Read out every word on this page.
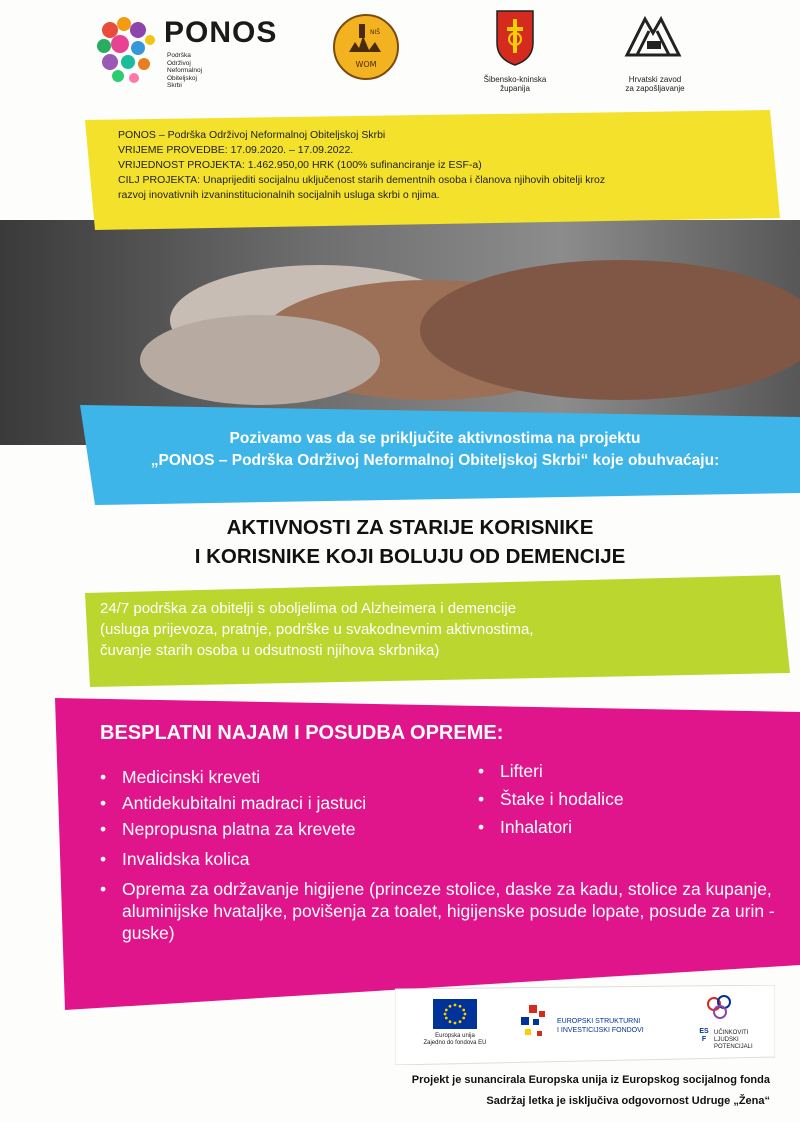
PONOS
Podrška
Održivoj
Neformalnoj
Obiteljskoj
Skrbi
WOM
NIŠ
Šibensko-kninska
županija
Hrvatski zavod
za zapošljavanje
PONOS – Podrška Održivoj Neformalnoj Obiteljskoj Skrbi
VRIJEME PROVEDBE: 17.09.2020. – 17.09.2022.
VRIJEDNOST PROJEKTA: 1.462.950,00 HRK (100% sufinanciranje iz ESF-a)
CILJ PROJEKTA: Unaprijediti socijalnu uključenost starih dementnih osoba i članova njihovih obitelji kroz
razvoj inovativnih izvaninstitucionalnih socijalnih usluga skrbi o njima.
Pozivamo vas da se priključite aktivnostima na projektu
„PONOS – Podrška Održivoj Neformalnoj Obiteljskoj Skrbi“ koje obuhvaćaju:
AKTIVNOSTI ZA STARIJE KORISNIKE
I KORISNIKE KOJI BOLUJU OD DEMENCIJE
24/7 podrška za obitelji s oboljelima od Alzheimera i demencije
(usluga prijevoza, pratnje, podrške u svakodnevnim aktivnostima,
čuvanje starih osoba u odsutnosti njihova skrbnika)
BESPLATNI NAJAM I POSUDBA OPREME:
• Medicinski kreveti
• Antidekubitalni madraci i jastuci
• Nepropusna platna za krevete
• Invalidska kolica
• Lifteri
• Štake i hodalice
• Inhalatori
• Oprema za održavanje higijene (princeze stolice, daske za kadu, stolice za kupanje, aluminijske hvataljke, povišenja za toalet, higijenske posude lopate, posude za urin - guske)
Europska unija
Zajedno do fondova EU
EUROPSKI STRUKTURNI
I INVESTICIJSKI FONDOVI	ESF
UČINKOVITI
LJUDSKI
POTENCIJALI
Projekt je sunancirala Europska unija iz Europskog socijalnog fonda
Sadržaj letka je isključiva odgovornost Udruge „Žena“
